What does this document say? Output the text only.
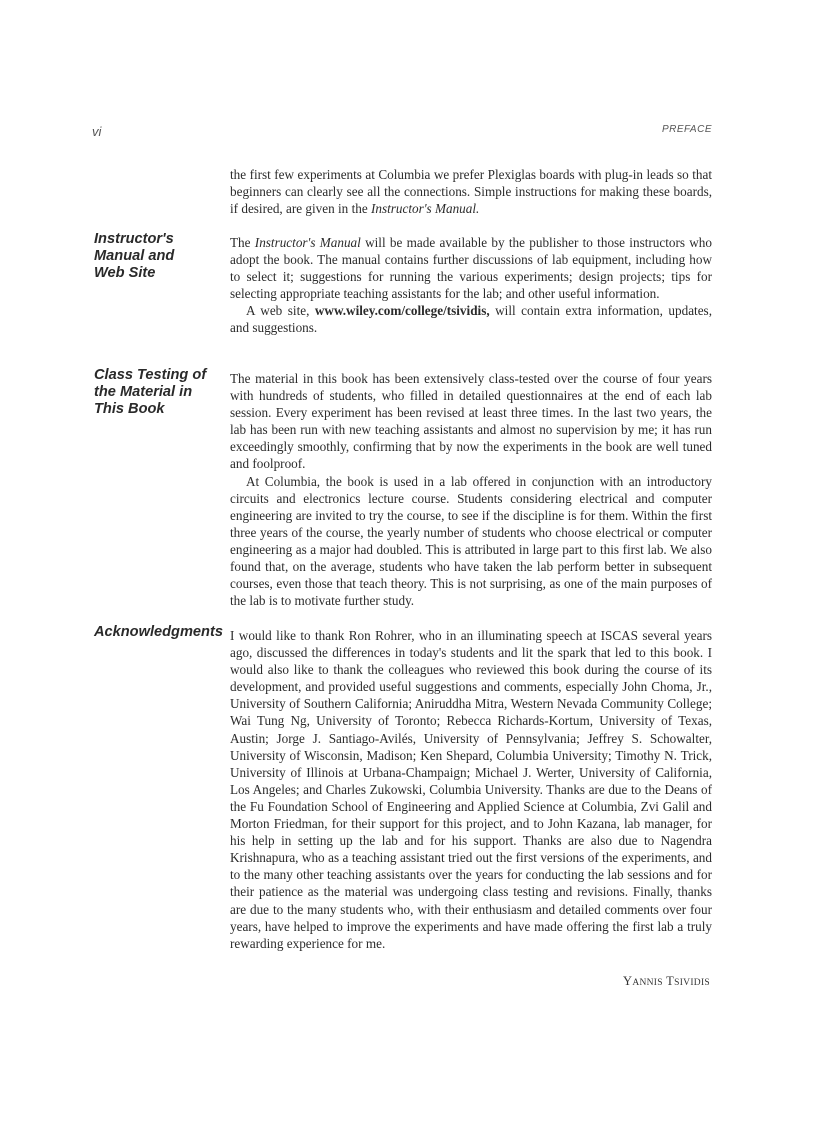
vi	PREFACE

the first few experiments at Columbia we prefer Plexiglas boards with plug-in leads so that beginners can clearly see all the connections. Simple instructions for making these boards, if desired, are given in the Instructor's Manual.

Instructor's
Manual and
Web Site

The Instructor's Manual will be made available by the publisher to those instructors who adopt the book. The manual contains further discussions of lab equipment, including how to select it; suggestions for running the various experiments; design projects; tips for selecting appropriate teaching assistants for the lab; and other useful information.

A web site, www.wiley.com/college/tsividis, will contain extra information, updates, and suggestions.

Class Testing of
the Material in
This Book

The material in this book has been extensively class-tested over the course of four years with hundreds of students, who filled in detailed questionnaires at the end of each lab session. Every experiment has been revised at least three times. In the last two years, the lab has been run with new teaching assistants and almost no supervision by me; it has run exceedingly smoothly, confirming that by now the experiments in the book are well tuned and foolproof.

At Columbia, the book is used in a lab offered in conjunction with an introductory circuits and electronics lecture course. Students considering electrical and computer engineering are invited to try the course, to see if the discipline is for them. Within the first three years of the course, the yearly number of students who choose electrical or computer engineering as a major had doubled. This is attributed in large part to this first lab. We also found that, on the average, students who have taken the lab perform better in subsequent courses, even those that teach theory. This is not surprising, as one of the main purposes of the lab is to motivate further study.

Acknowledgments I would like to thank Ron Rohrer, who in an illuminating speech at ISCAS several years ago, discussed the differences in today's students and lit the spark that led to this book. I would also like to thank the colleagues who reviewed this book during the course of its development, and provided useful suggestions and comments, especially John Choma, Jr., University of Southern California; Aniruddha Mitra, Western Nevada Community College; Wai Tung Ng, University of Toronto; Rebecca Richards-Kortum, University of Texas, Austin; Jorge J. Santiago-Avilés, University of Pennsylvania; Jeffrey S. Schowalter, University of Wisconsin, Madison; Ken Shepard, Columbia University; Timothy N. Trick, University of Illinois at Urbana-Champaign; Michael J. Werter, University of California, Los Angeles; and Charles Zukowski, Columbia University. Thanks are due to the Deans of the Fu Foundation School of Engineering and Applied Science at Columbia, Zvi Galil and Morton Friedman, for their support for this project, and to John Kazana, lab manager, for his help in setting up the lab and for his support. Thanks are also due to Nagendra Krishnapura, who as a teaching assistant tried out the first versions of the experiments, and to the many other teaching assistants over the years for conducting the lab sessions and for their patience as the material was undergoing class testing and revisions. Finally, thanks are due to the many students who, with their enthusiasm and detailed comments over four years, have helped to improve the experiments and have made offering the first lab a truly rewarding experience for me.

YANNIS TSIVIDIS
